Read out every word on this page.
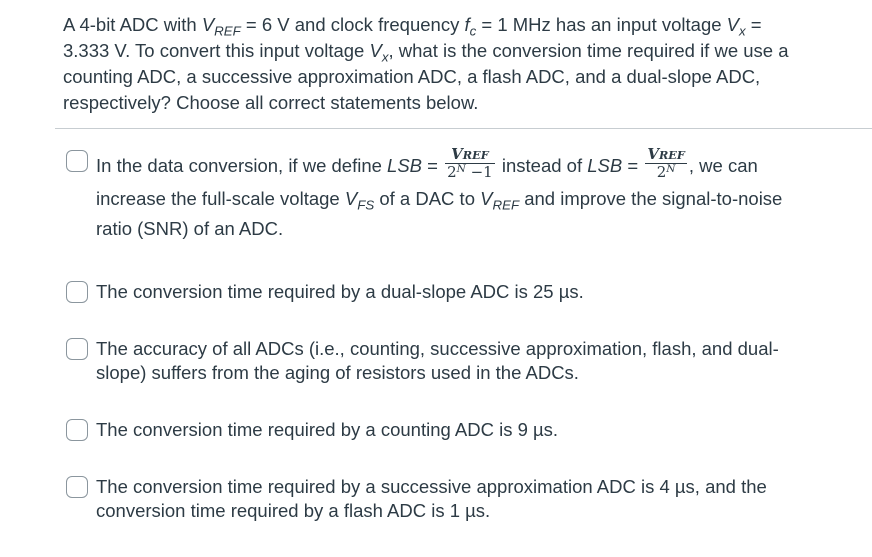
A 4-bit ADC with $V_{REF} = 6$ V and clock frequency $f_c = 1$ MHz has an input voltage $V_x = 3.333$ V. To convert this input voltage $V_x$, what is the conversion time required if we use a counting ADC, a successive approximation ADC, a flash ADC, and a dual-slope ADC, respectively? Choose all correct statements below.
In the data conversion, if we define LSB = $\frac{\text{VREF}}{2^N -1}$ instead of LSB = $\frac{\text{VREF}}{2^N}$ , we can increase the full-scale voltage $V_{FS}$ of a DAC to $V_{REF}$ and improve the signal-to-noise ratio (SNR) of an ADC.
The conversion time required by a dual-slope ADC is 25 µs.
The accuracy of all ADCs (i.e., counting, successive approximation, flash, and dual-slope) suffers from the aging of resistors used in the ADCs.
The conversion time required by a counting ADC is 9 µs.
The conversion time required by a successive approximation ADC is 4 µs, and the conversion time required by a flash ADC is 1 µs.
